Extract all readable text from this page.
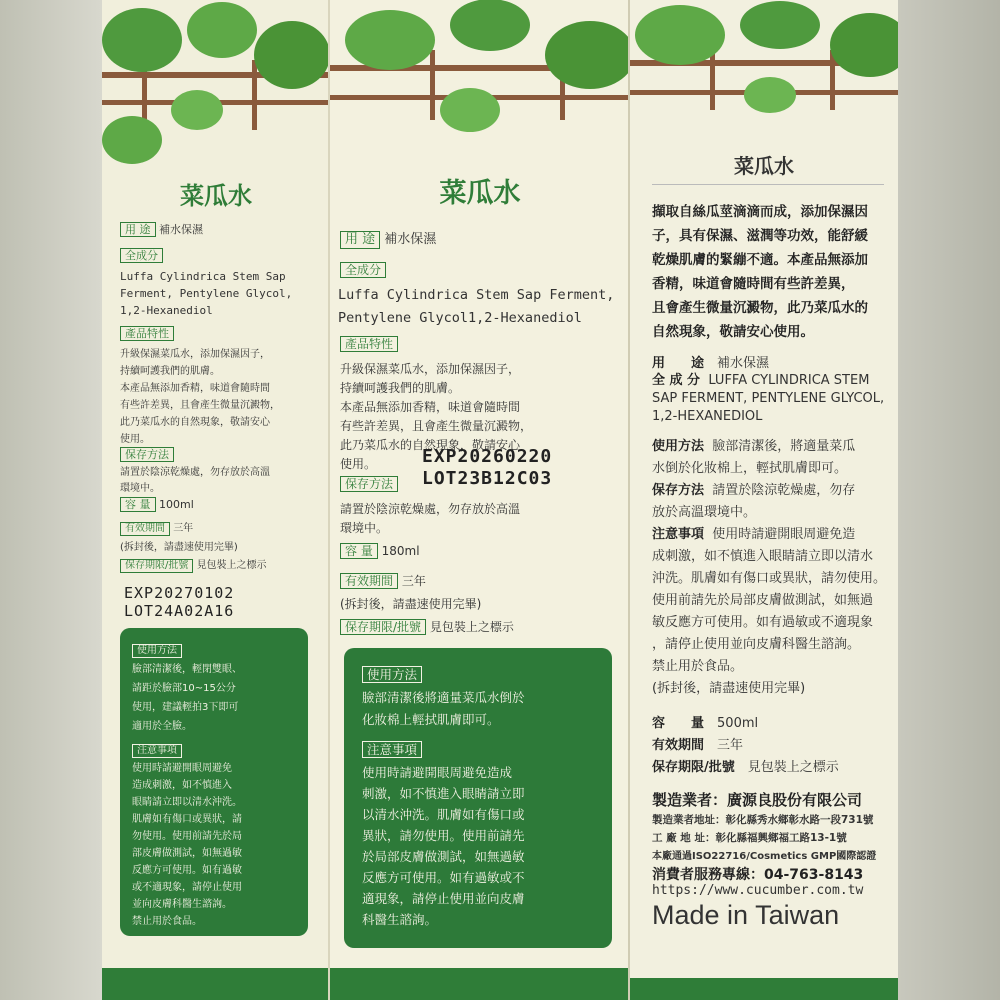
菜瓜水
用 途 補水保濕
全成分
Luffa Cylindrica Stem Sap
Ferment, Pentylene Glycol,
1,2-Hexanediol
產品特性
升級保濕菜瓜水，添加保濕因子，
持續呵護我們的肌膚。
本產品無添加香精，味道會隨時間
有些許差異，且會產生微量沉澱物，
此乃菜瓜水的自然現象，敬請安心
使用。
保存方法
請置於陰涼乾燥處，勿存放於高溫
環境中。
容 量 100ml
有效期間 三年
(拆封後，請盡速使用完畢)
保存期限/批號 見包裝上之標示
EXP20270102
LOT24A02A16
使用方法
臉部清潔後，輕閉雙眼、
請距於臉部10~15公分
使用，建議輕拍3下即可
適用於全臉。
注意事項
使用時請避開眼周避免
造成刺激，如不慎進入
眼睛請立即以清水沖洗。
肌膚如有傷口或異狀，請
勿使用。使用前請先於局
部皮膚做測試，如無過敏
反應方可使用。如有過敏
或不適現象，請停止使用
並向皮膚科醫生諮詢。
禁止用於食品。
菜瓜水
用 途 補水保濕
全成分
Luffa Cylindrica Stem Sap Ferment,
Pentylene Glycol1,2-Hexanediol
產品特性
升級保濕菜瓜水，添加保濕因子，
持續呵護我們的肌膚。
本產品無添加香精，味道會隨時間
有些許差異，且會產生微量沉澱物，
此乃菜瓜水的自然現象，敬請安心
使用。	EXP20260220
LOT23B12C03
保存方法
請置於陰涼乾燥處，勿存放於高溫
環境中。
容 量 180ml
有效期間 三年
(拆封後，請盡速使用完畢)
保存期限/批號 見包裝上之標示
使用方法
臉部清潔後將適量菜瓜水倒於
化妝棉上輕拭肌膚即可。
注意事項
使用時請避開眼周避免造成
刺激，如不慎進入眼睛請立即
以清水沖洗。肌膚如有傷口或
異狀，請勿使用。使用前請先
於局部皮膚做測試，如無過敏
反應方可使用。如有過敏或不
適現象，請停止使用並向皮膚
科醫生諮詢。
菜瓜水
擷取自絲瓜莖滴滴而成，添加保濕因
子，具有保濕、滋潤等功效，能舒緩
乾燥肌膚的緊繃不適。本產品無添加
香精，味道會隨時間有些許差異，
且會產生微量沉澱物，此乃菜瓜水的
自然現象，敬請安心使用。
用　　途　 補水保濕
全 成 分 LUFFA CYLINDRICA STEM
SAP FERMENT, PENTYLENE GLYCOL,
1,2-HEXANEDIOL
使用方法 臉部清潔後，將適量菜瓜
水倒於化妝棉上，輕拭肌膚即可。
保存方法 請置於陰涼乾燥處，勿存
放於高溫環境中。
注意事項 使用時請避開眼周避免造
成刺激，如不慎進入眼睛請立即以清水
沖洗。肌膚如有傷口或異狀，請勿使用。
使用前請先於局部皮膚做測試，如無過
敏反應方可使用。如有過敏或不適現象
，請停止使用並向皮膚科醫生諮詢。
禁止用於食品。
(拆封後，請盡速使用完畢)
容　　量　 500ml
有效期間　 三年
保存期限/批號　 見包裝上之標示
製造業者：廣源良股份有限公司
製造業者地址：彰化縣秀水鄉彰水路一段731號
工 廠 地 址：彰化縣福興鄉福工路13-1號
本廠通過ISO22716/Cosmetics GMP國際認證
消費者服務專線：04-763-8143
https://www.cucumber.com.tw
Made in Taiwan
